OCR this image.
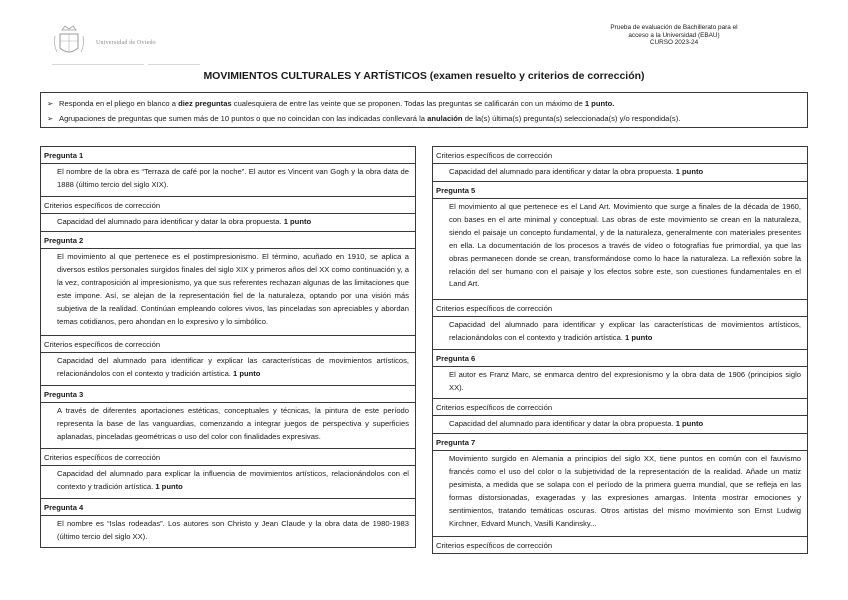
Universidad de Oviedo
Prueba de evaluación de Bachillerato para el
acceso a la Universidad (EBAU)
CURSO 2023-24
MOVIMIENTOS CULTURALES Y ARTÍSTICOS (examen resuelto y criterios de corrección)
➢ Responda en el pliego en blanco a diez preguntas cualesquiera de entre las veinte que se proponen. Todas las preguntas se calificarán con un máximo de 1 punto.
➢ Agrupaciones de preguntas que sumen más de 10 puntos o que no coincidan con las indicadas conllevará la anulación de la(s) última(s) pregunta(s) seleccionada(s) y/o respondida(s).
Pregunta 1
El nombre de la obra es “Terraza de café por la noche”. El autor es Vincent van Gogh y la obra data de 1888 (último tercio del siglo XIX).
Criterios específicos de corrección
Capacidad del alumnado para identificar y datar la obra propuesta. 1 punto
Pregunta 2
El movimiento al que pertenece es el postimpresionismo. El término, acuñado en 1910, se aplica a diversos estilos personales surgidos finales del siglo XIX y primeros años del XX como continuación y, a la vez, contraposición al impresionismo, ya que sus referentes rechazan algunas de las limitaciones que este impone. Así, se alejan de la representación fiel de la naturaleza, optando por una visión más subjetiva de la realidad. Continúan empleando colores vivos, las pinceladas son apreciables y abordan temas cotidianos, pero ahondan en lo expresivo y lo simbólico.
Criterios específicos de corrección
Capacidad del alumnado para identificar y explicar las características de movimientos artísticos, relacionándolos con el contexto y tradición artística. 1 punto
Pregunta 3
A través de diferentes aportaciones estéticas, conceptuales y técnicas, la pintura de este período representa la base de las vanguardias, comenzando a integrar juegos de perspectiva y superficies aplanadas, pinceladas geométricas o uso del color con finalidades expresivas.
Criterios específicos de corrección
Capacidad del alumnado para explicar la influencia de movimientos artísticos, relacionándolos con el contexto y tradición artística. 1 punto
Pregunta 4
El nombre es “Islas rodeadas”. Los autores son Christo y Jean Claude y la obra data de 1980-1983 (último tercio del siglo XX).
Criterios específicos de corrección
Capacidad del alumnado para identificar y datar la obra propuesta. 1 punto
Pregunta 5
El movimiento al que pertenece es el Land Art. Movimiento que surge a finales de la década de 1960, con bases en el arte minimal y conceptual. Las obras de este movimiento se crean en la naturaleza, siendo el paisaje un concepto fundamental, y de la naturaleza, generalmente con materiales presentes en ella. La documentación de los procesos a través de vídeo o fotografías fue primordial, ya que las obras permanecen donde se crean, transformándose como lo hace la naturaleza. La reflexión sobre la relación del ser humano con el paisaje y los efectos sobre este, son cuestiones fundamentales en el Land Art.
Criterios específicos de corrección
Capacidad del alumnado para identificar y explicar las características de movimientos artísticos, relacionándolos con el contexto y tradición artística. 1 punto
Pregunta 6
El autor es Franz Marc, se enmarca dentro del expresionismo y la obra data de 1906 (principios siglo XX).
Criterios específicos de corrección
Capacidad del alumnado para identificar y datar la obra propuesta. 1 punto
Pregunta 7
Movimiento surgido en Alemania a principios del siglo XX, tiene puntos en común con el fauvismo francés como el uso del color o la subjetividad de la representación de la realidad. Añade un matiz pesimista, a medida que se solapa con el período de la primera guerra mundial, que se refleja en las formas distorsionadas, exageradas y las expresiones amargas. Intenta mostrar emociones y sentimientos, tratando temáticas oscuras. Otros artistas del mismo movimiento son Ernst Ludwig Kirchner, Edvard Munch, Vasilli Kandinsky...
Criterios específicos de corrección
